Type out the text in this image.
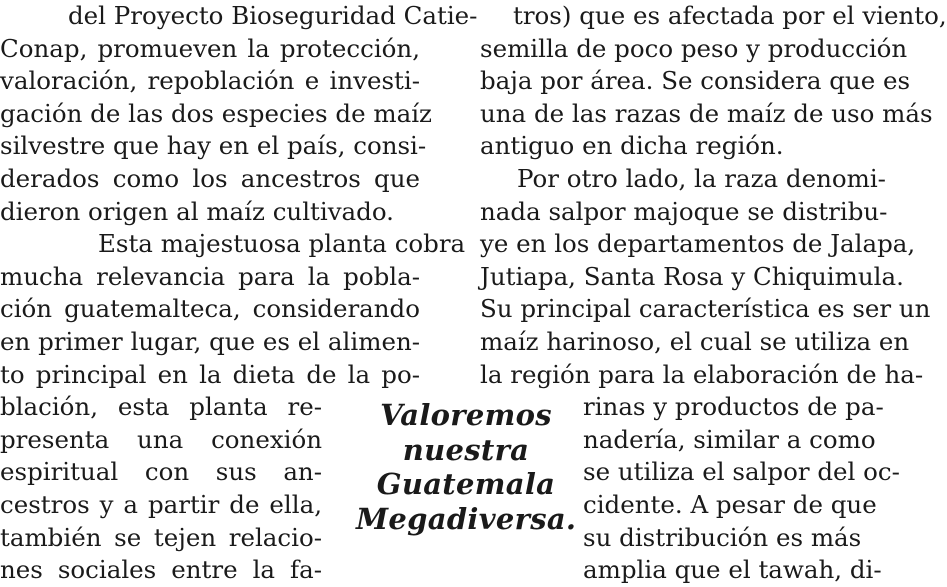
del Proyecto Bioseguridad Catie-
Conap, promueven la protección,
valoración, repoblación e investi-
gación de las dos especies de maíz
silvestre que hay en el país, consi-
derados como los ancestros que
dieron origen al maíz cultivado.
Esta majestuosa planta cobra
mucha relevancia para la pobla-
ción guatemalteca, considerando
en primer lugar, que es el alimen-
to principal en la dieta de la po-
blación, esta planta re-
presenta una conexión
espiritual con sus an-
cestros y a partir de ella,
también se tejen relacio-
nes sociales entre la fa-
tros) que es afectada por el viento,
semilla de poco peso y producción
baja por área. Se considera que es
una de las razas de maíz de uso más
antiguo en dicha región.
Por otro lado, la raza denomi-
nada salpor majoque se distribu-
ye en los departamentos de Jalapa,
Jutiapa, Santa Rosa y Chiquimula.
Su principal característica es ser un
maíz harinoso, el cual se utiliza en
la región para la elaboración de ha-
rinas y productos de pa-
nadería, similar a como
se utiliza el salpor del oc-
cidente. A pesar de que
su distribución es más
amplia que el tawah, di-
Valoremos
nuestra
Guatemala
Megadiversa.
